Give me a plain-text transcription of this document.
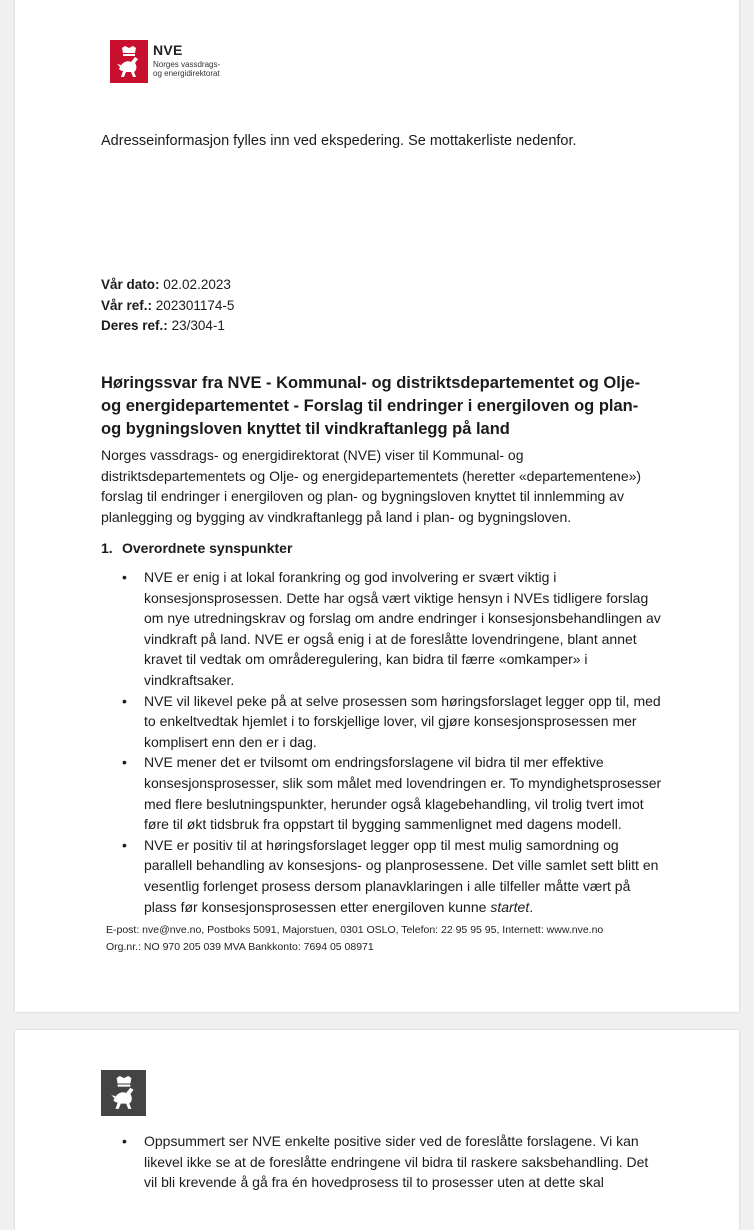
NVE
Norges vassdrags-
og energidirektorat
Adresseinformasjon fylles inn ved ekspedering. Se mottakerliste nedenfor.
Vår dato: 02.02.2023
Vår ref.: 202301174-5
Deres ref.: 23/304-1
Høringssvar fra NVE - Kommunal- og distriktsdepartementet og Olje-
og energidepartementet - Forslag til endringer i energiloven og plan-
og bygningsloven knyttet til vindkraftanlegg på land
Norges vassdrags- og energidirektorat (NVE) viser til Kommunal- og
distriktsdepartementets og Olje- og energidepartementets (heretter «departementene»)
forslag til endringer i energiloven og plan- og bygningsloven knyttet til innlemming av
planlegging og bygging av vindkraftanlegg på land i plan- og bygningsloven.
1. Overordnete synspunkter
• NVE er enig i at lokal forankring og god involvering er svært viktig i
konsesjonsprosessen. Dette har også vært viktige hensyn i NVEs tidligere forslag
om nye utredningskrav og forslag om andre endringer i konsesjonsbehandlingen av
vindkraft på land. NVE er også enig i at de foreslåtte lovendringene, blant annet
kravet til vedtak om områderegulering, kan bidra til færre «omkamper» i
vindkraftsaker.
• NVE vil likevel peke på at selve prosessen som høringsforslaget legger opp til, med
to enkeltvedtak hjemlet i to forskjellige lover, vil gjøre konsesjonsprosessen mer
komplisert enn den er i dag.
• NVE mener det er tvilsomt om endringsforslagene vil bidra til mer effektive
konsesjonsprosesser, slik som målet med lovendringen er. To myndighetsprosesser
med flere beslutningspunkter, herunder også klagebehandling, vil trolig tvert imot
føre til økt tidsbruk fra oppstart til bygging sammenlignet med dagens modell.
• NVE er positiv til at høringsforslaget legger opp til mest mulig samordning og
parallell behandling av konsesjons- og planprosessene. Det ville samlet sett blitt en
vesentlig forlenget prosess dersom planavklaringen i alle tilfeller måtte vært på
plass før konsesjonsprosessen etter energiloven kunne startet.
E-post: nve@nve.no, Postboks 5091, Majorstuen, 0301 OSLO, Telefon: 22 95 95 95, Internett: www.nve.no
Org.nr.: NO 970 205 039 MVA Bankkonto: 7694 05 08971
• Oppsummert ser NVE enkelte positive sider ved de foreslåtte forslagene. Vi kan
likevel ikke se at de foreslåtte endringene vil bidra til raskere saksbehandling. Det
vil bli krevende å gå fra én hovedprosess til to prosesser uten at dette skal
